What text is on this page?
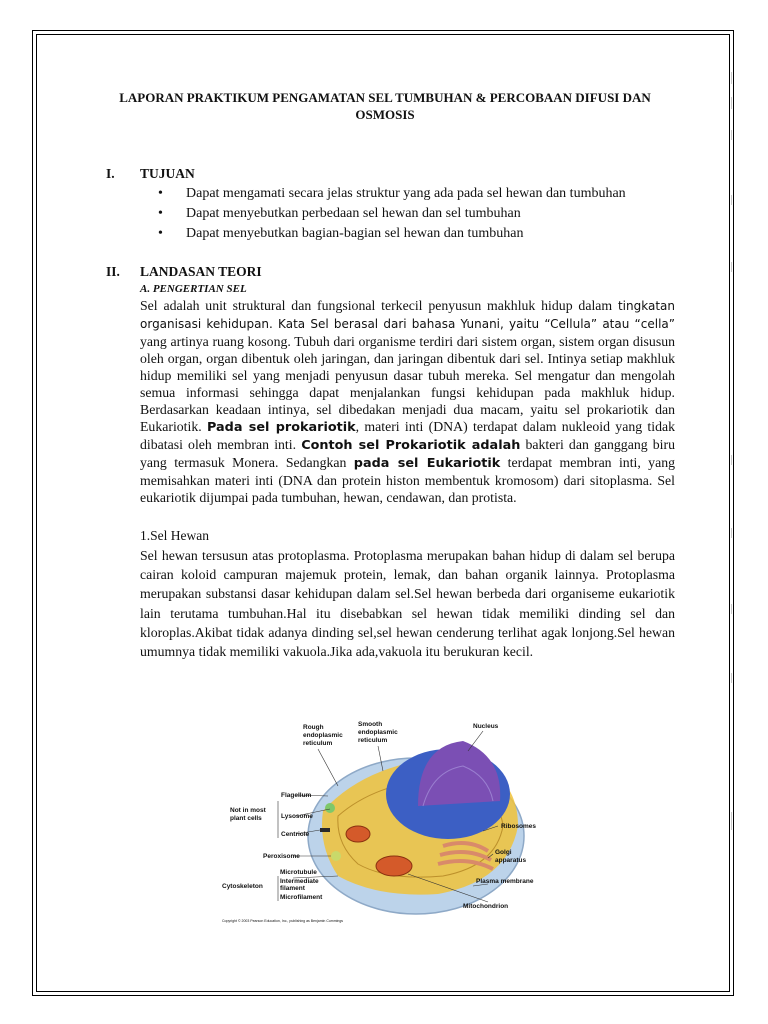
LAPORAN PRAKTIKUM PENGAMATAN SEL TUMBUHAN & PERCOBAAN DIFUSI DAN OSMOSIS
I. TUJUAN
• Dapat mengamati secara jelas struktur yang ada pada sel hewan dan tumbuhan
• Dapat menyebutkan perbedaan sel hewan dan sel tumbuhan
• Dapat menyebutkan bagian-bagian sel hewan dan tumbuhan
II. LANDASAN TEORI
A. PENGERTIAN SEL
Sel adalah unit struktural dan fungsional terkecil penyusun makhluk hidup dalam tingkatan organisasi kehidupan. Kata Sel berasal dari bahasa Yunani, yaitu “Cellula” atau “cella” yang artinya ruang kosong. Tubuh dari organisme terdiri dari sistem organ, sistem organ disusun oleh organ, organ dibentuk oleh jaringan, dan jaringan dibentuk dari sel. Intinya setiap makhluk hidup memiliki sel yang menjadi penyusun dasar tubuh mereka. Sel mengatur dan mengolah semua informasi sehingga dapat menjalankan fungsi kehidupan pada makhluk hidup. Berdasarkan keadaan intinya, sel dibedakan menjadi dua macam, yaitu sel prokariotik dan Eukariotik. Pada sel prokariotik, materi inti (DNA) terdapat dalam nukleoid yang tidak dibatasi oleh membran inti. Contoh sel Prokariotik adalah bakteri dan ganggang biru yang termasuk Monera. Sedangkan pada sel Eukariotik terdapat membran inti, yang memisahkan materi inti (DNA dan protein histon membentuk kromosom) dari sitoplasma. Sel eukariotik dijumpai pada tumbuhan, hewan, cendawan, dan protista.
1.Sel Hewan
Sel hewan tersusun atas protoplasma. Protoplasma merupakan bahan hidup di dalam sel berupa cairan koloid campuran majemuk protein, lemak, dan bahan organik lainnya. Protoplasma merupakan substansi dasar kehidupan dalam sel.Sel hewan berbeda dari organiseme eukariotik lain terutama tumbuhan.Hal itu disebabkan sel hewan tidak memiliki dinding sel dan kloroplas.Akibat tidak adanya dinding sel,sel hewan cenderung terlihat agak lonjong.Sel hewan umumnya tidak memiliki vakuola.Jika ada,vakuola itu berukuran kecil.
Rough
endoplasmic
reticulum
Smooth
endoplasmic
reticulum
Nucleus
Flagellum
Not in most
plant cells	Lysosome
Centriole
Peroxisome
Ribosomes
Golgi
apparatus
Microtubule
Intermediate
filament
Microfilament
Cytoskeleton
Plasma membrane
Mitochondrion
Copyright © 2003 Pearson Education, Inc., publishing as Benjamin Cummings
